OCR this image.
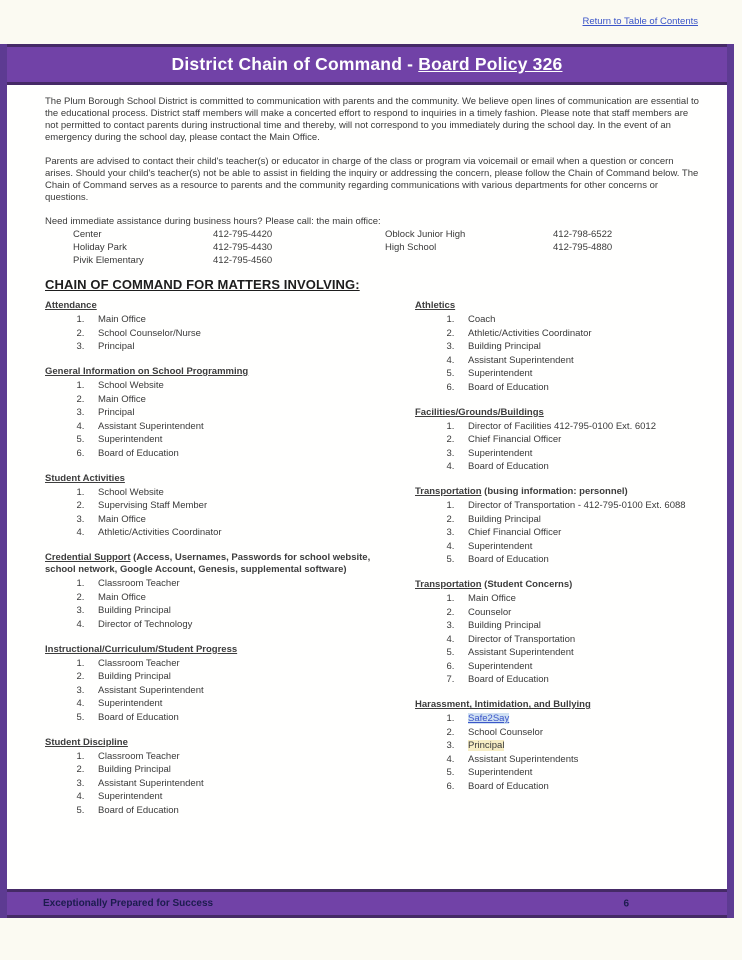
Return to Table of Contents
District Chain of Command - Board Policy 326

The Plum Borough School District is committed to communication with parents and the community. We believe open lines of communication are essential to the educational process. District staff members will make a concerted effort to respond to inquiries in a timely fashion. Please note that staff members are not permitted to contact parents during instructional time and thereby, will not correspond to you immediately during the school day. In the event of an emergency during the school day, please contact the Main Office.

Parents are advised to contact their child's teacher(s) or educator in charge of the class or program via voicemail or email when a question or concern arises. Should your child's teacher(s) not be able to assist in fielding the inquiry or addressing the concern, please follow the Chain of Command below. The Chain of Command serves as a resource to parents and the community regarding communications with various departments for other concerns or questions.

Need immediate assistance during business hours? Please call: the main office:
Center	412-795-4420	Oblock Junior High	412-798-6522
Holiday Park	412-795-4430	High School	412-795-4880
Pivik Elementary	412-795-4560
CHAIN OF COMMAND FOR MATTERS INVOLVING:
Attendance
1. Main Office
2. School Counselor/Nurse
3. Principal
General Information on School Programming
1. School Website
2. Main Office
3. Principal
4. Assistant Superintendent
5. Superintendent
6. Board of Education
Student Activities
1. School Website
2. Supervising Staff Member
3. Main Office
4. Athletic/Activities Coordinator
Credential Support (Access, Usernames, Passwords for school website, school network, Google Account, Genesis, supplemental software)
1. Classroom Teacher
2. Main Office
3. Building Principal
4. Director of Technology
Instructional/Curriculum/Student Progress
1. Classroom Teacher
2. Building Principal
3. Assistant Superintendent
4. Superintendent
5. Board of Education
Student Discipline
1. Classroom Teacher
2. Building Principal
3. Assistant Superintendent
4. Superintendent
5. Board of Education
Athletics
1. Coach
2. Athletic/Activities Coordinator
3. Building Principal
4. Assistant Superintendent
5. Superintendent
6. Board of Education
Facilities/Grounds/Buildings
1. Director of Facilities 412-795-0100 Ext. 6012
2. Chief Financial Officer
3. Superintendent
4. Board of Education
Transportation (busing information: personnel)
1. Director of Transportation - 412-795-0100 Ext. 6088
2. Building Principal
3. Chief Financial Officer
4. Superintendent
5. Board of Education
Transportation (Student Concerns)
1. Main Office
2. Counselor
3. Building Principal
4. Director of Transportation
5. Assistant Superintendent
6. Superintendent
7. Board of Education
Harassment, Intimidation, and Bullying
1. Safe2Say
2. School Counselor
3. Principal
4. Assistant Superintendents
5. Superintendent
6. Board of Education
Exceptionally Prepared for Success	6
